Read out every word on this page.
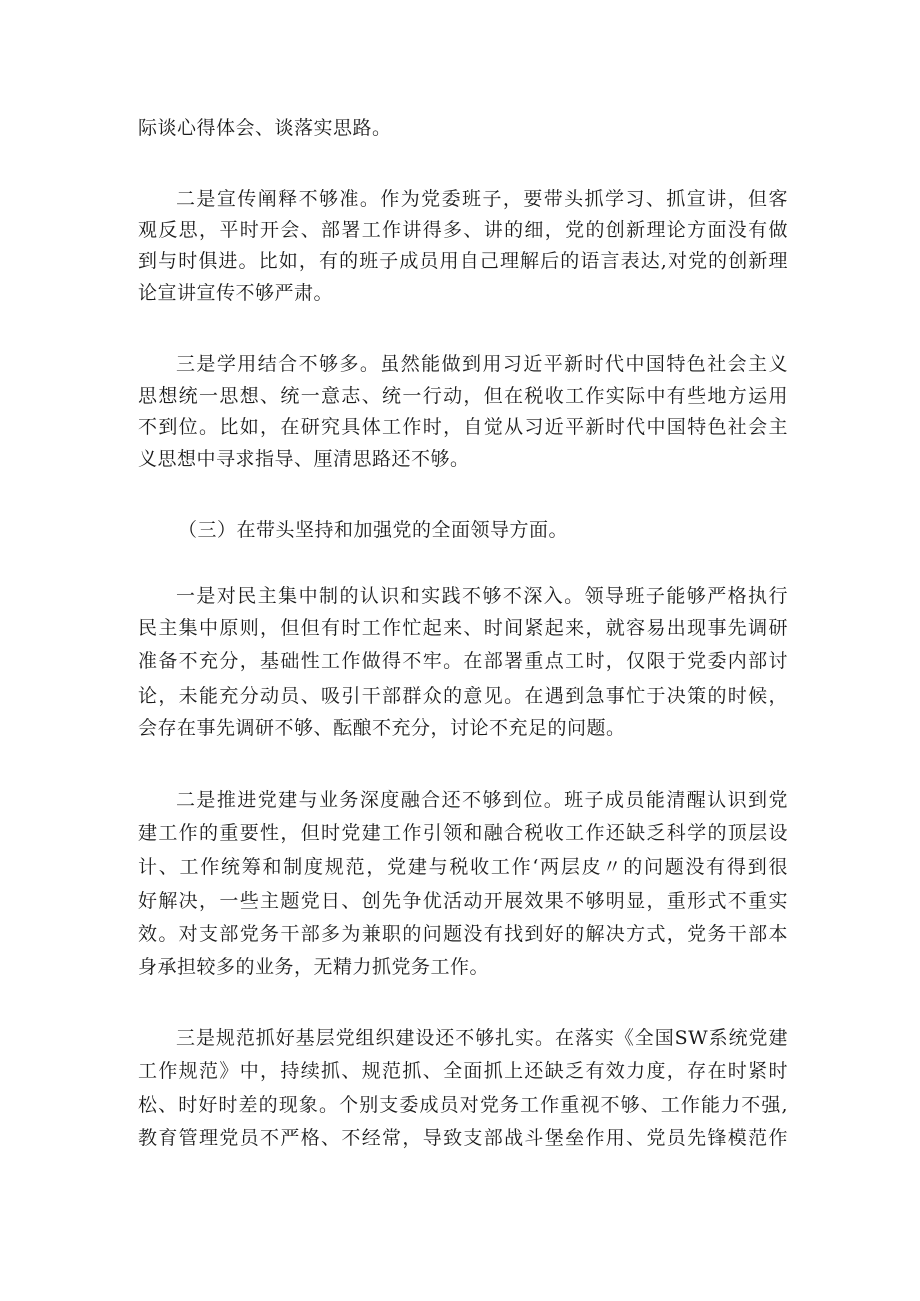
际谈心得体会、谈落实思路。
二是宣传阐释不够准。作为党委班子，要带头抓学习、抓宣讲，但客
观反思，平时开会、部署工作讲得多、讲的细，党的创新理论方面没有做
到与时俱进。比如，有的班子成员用自己理解后的语言表达,对党的创新理
论宣讲宣传不够严肃。
三是学用结合不够多。虽然能做到用习近平新时代中国特色社会主义
思想统一思想、统一意志、统一行动，但在税收工作实际中有些地方运用
不到位。比如，在研究具体工作时，自觉从习近平新时代中国特色社会主
义思想中寻求指导、厘清思路还不够。
（三）在带头坚持和加强党的全面领导方面。
一是对民主集中制的认识和实践不够不深入。领导班子能够严格执行
民主集中原则，但但有时工作忙起来、时间紧起来，就容易出现事先调研
准备不充分，基础性工作做得不牢。在部署重点工时，仅限于党委内部讨
论，未能充分动员、吸引干部群众的意见。在遇到急事忙于决策的时候，
会存在事先调研不够、酝酿不充分，讨论不充足的问题。
二是推进党建与业务深度融合还不够到位。班子成员能清醒认识到党
建工作的重要性，但时党建工作引领和融合税收工作还缺乏科学的顶层设
计、工作统筹和制度规范，党建与税收工作‘两层皮〃的问题没有得到很
好解决，一些主题党日、创先争优活动开展效果不够明显，重形式不重实
效。对支部党务干部多为兼职的问题没有找到好的解决方式，党务干部本
身承担较多的业务，无精力抓党务工作。
三是规范抓好基层党组织建设还不够扎实。在落实《全国SW系统党建
工作规范》中，持续抓、规范抓、全面抓上还缺乏有效力度，存在时紧时
松、时好时差的现象。个别支委成员对党务工作重视不够、工作能力不强,
教育管理党员不严格、不经常，导致支部战斗堡垒作用、党员先锋模范作
